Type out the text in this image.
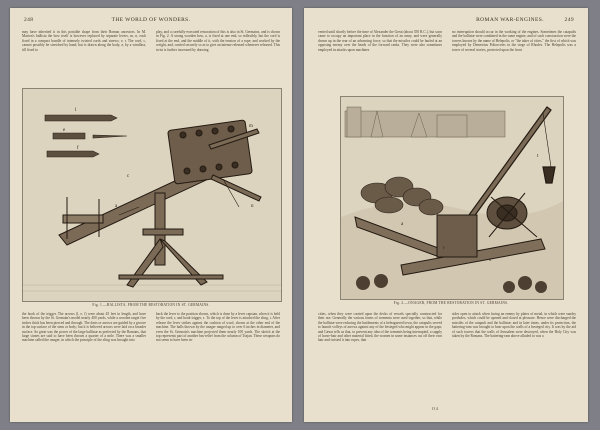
248	THE WORLD OF WONDERS.
may have inherited it in this portable shape from their Roman ancestors. In M. Marion's ballista the bow itself is however replaced by separate levers, m, n, each fixed in a compact bundle of intensely twisted cords and sinews; v, r. The cord, c, cannot possibly be stretched by hand, but is drawn along the body, a, by a windlass, till fixed to
play, and a carefully-executed restoration of this is also in St. Germains, and is shown in Fig. 2. A strong wooden bow, a, is fixed at one end, so inflexibly, but the cord is fixed at the end, and the middle of it, with the tension of a rope; and worked by the weight, and, carried securely so as to give an intense released whenever released. This twist is further increased by drawing
l
e
f
m
n
c
a
Fig. 1.—BALLISTA, FROM THE RESTORATION IN ST. GERMAINS.
the hook of the trigger. The arrows (l, e, f) were about 45 feet in length, and have been thrown by the St. Germain's model nearly 400 yards, while a wooden target five inches thick has been pierced and through. The darts or arrows are guided by a groove in the top surface of the stem or body; but it is believed arrows were laid on a broader surface. So great was the power of the large ballistæ as prefected by the Romans, that large stones are said to have been thrown a quarter of a mile. There was a smaller machine called the onager, in which the principle of the sling was brought into
back the lever to the position shown, which is done by a lever capstan, when it is held by the cord, r, and hook-trigger, s. To the top of the lever is attached the sling, t. After release the lever strikes against the cushion of wool, shown at the other end of the machine. The balls thrown by the onager ranged up to over 6 inches in diameter, and even the St. Germain's machine projected them nearly 100 yards. The sketch at the top represents part of another bas-relief from the column of Trajan. These weapons do not seem to have been in-
ROMAN WAR-ENGINES.	249
vented until shortly before the time of Alexander the Great (about 350 B.C.), but soon came to occupy an important place in the function of an army, and were generally drawn up in the rear of an advancing force, so that the missiles could be hurled at an opposing enemy over the heads of the forward ranks. They were also sometimes employed in attacks upon machines
no interruption should occur in the working of the engines. Sometimes the catapults and the ballistæ were combined in the same engine, and of such construction were the towers known by the name of Helepolis, or "the taker of cities," the first of which was employed by Demetrius Poliorcetes in the siege of Rhodes. The Helepolis was a tower of several stories, protected upon the front
a
r
s
t
Fig. 2.—ONAGER, FROM THE RESTORATION IN ST. GERMAINS.
cities, when they were carried upon the decks of vessels specially constructed for their use. Generally the various forms of tormenta were used together, so that, while the ballistæ were reducing the battlements of a beleaguered town, the catapults served to launch volleys of arrows against any of the besieged who might appear in the gaps; and Cæsar tells us that, to prevent any idea of the torments being interrupted, a supply of horse-hair and other material fitted, the women in some instances cut off their own hair and twisted it into ropes, that
sides open to attack when facing an enemy by plates of metal, in which were sundry portholes, which could be opened and closed at pleasure. Hence were discharged the missiles of the catapult and the ballistæ; and in later times, under its protection, the battering-ram was brought to bear upon the walls of a besieged city. It was by the aid of such towers that the walls of Jerusalem were destroyed, when the Holy City was taken by the Romans. The battering-ram above alluded to was a
O 4
